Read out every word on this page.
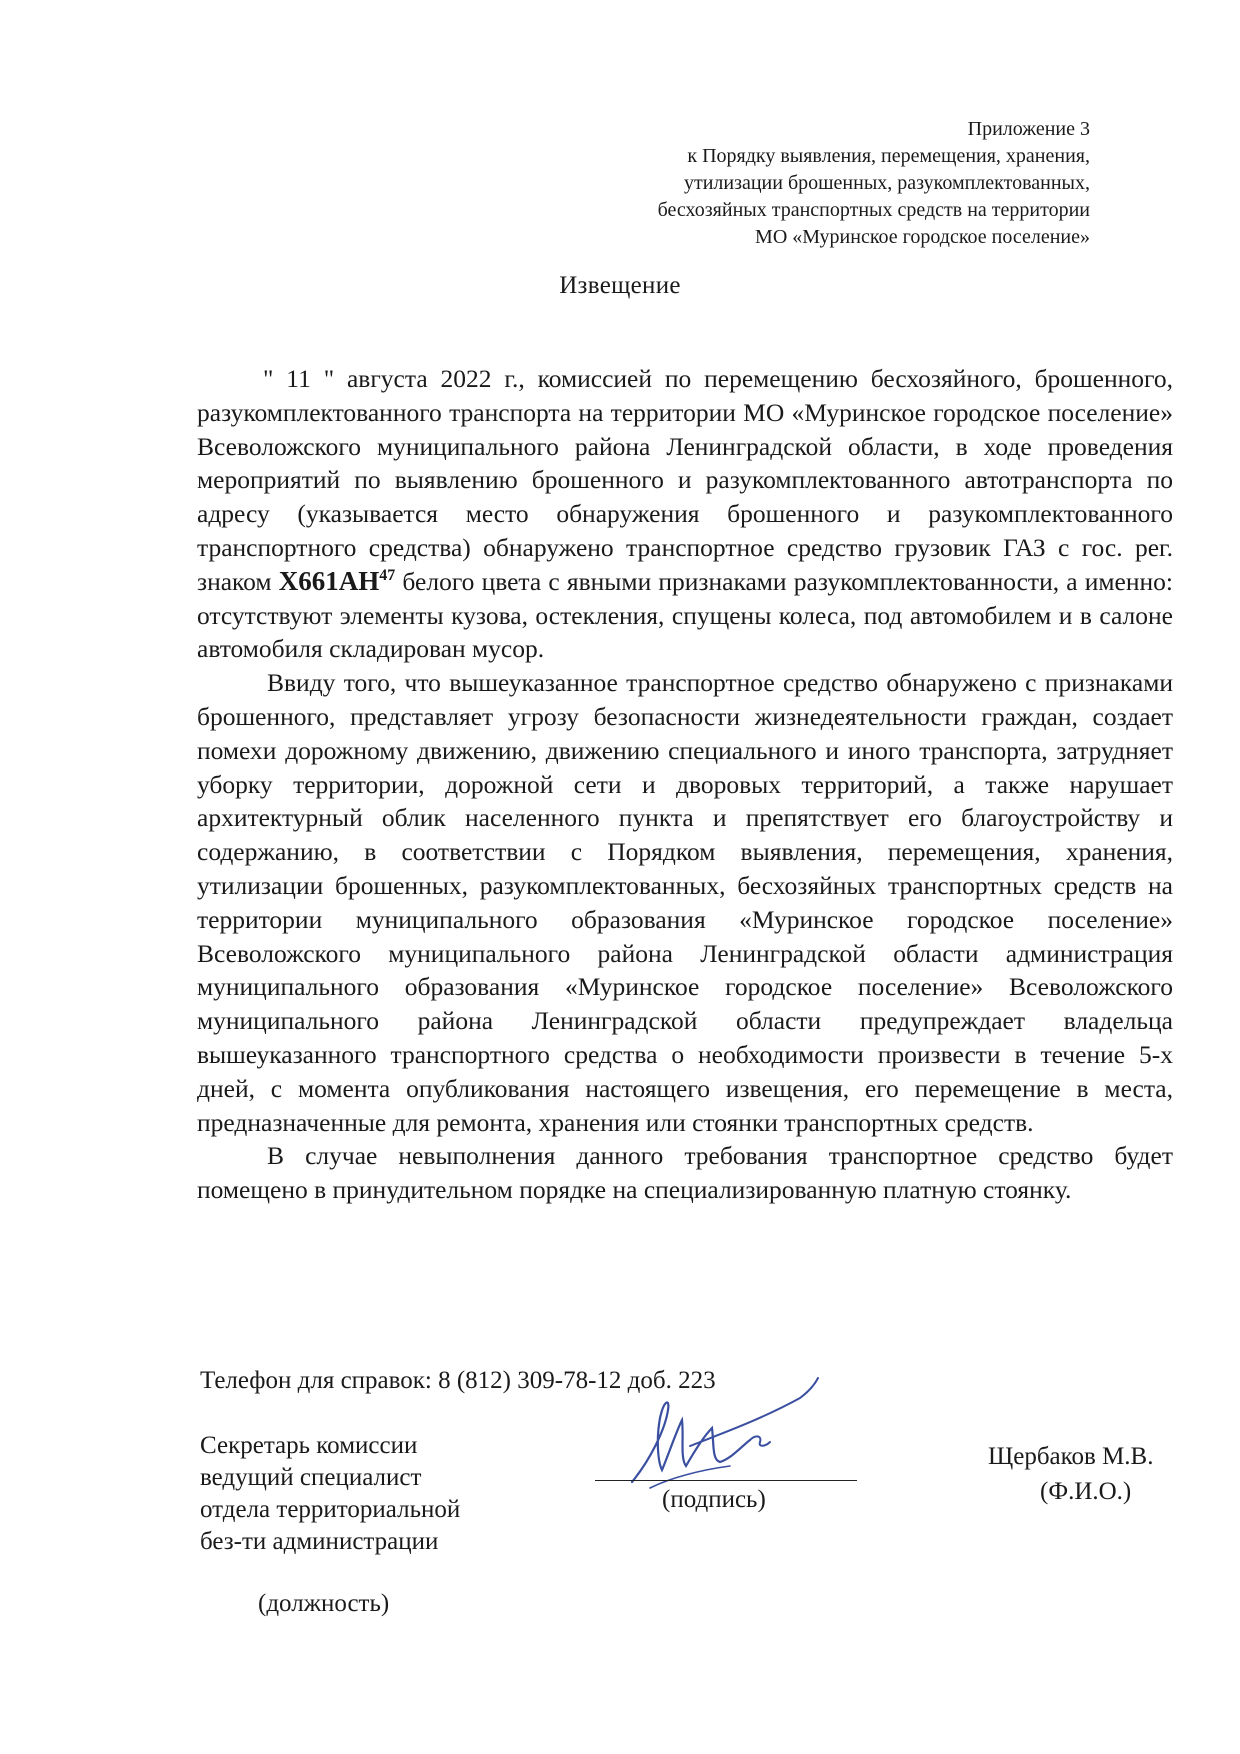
Приложение 3
к Порядку выявления, перемещения, хранения,
утилизации брошенных, разукомплектованных,
бесхозяйных транспортных средств на территории
МО «Муринское городское поселение»
Извещение

" 11 " августа 2022 г., комиссией по перемещению бесхозяйного, брошенного, разукомплектованного транспорта на территории МО «Муринское городское поселение» Всеволожского муниципального района Ленинградской области, в ходе проведения мероприятий по выявлению брошенного и разукомплектованного автотранспорта по адресу (указывается место обнаружения брошенного и разукомплектованного транспортного средства) обнаружено транспортное средство грузовик ГАЗ с гос. рег. знаком Х661АН$^{47}$ белого цвета с явными признаками разукомплектованности, а именно: отсутствуют элементы кузова, остекления, спущены колеса, под автомобилем и в салоне автомобиля складирован мусор.

Ввиду того, что вышеуказанное транспортное средство обнаружено с признаками брошенного, представляет угрозу безопасности жизнедеятельности граждан, создает помехи дорожному движению, движению специального и иного транспорта, затрудняет уборку территории, дорожной сети и дворовых территорий, а также нарушает архитектурный облик населенного пункта и препятствует его благоустройству и содержанию, в соответствии с Порядком выявления, перемещения, хранения, утилизации брошенных, разукомплектованных, бесхозяйных транспортных средств на территории муниципального образования «Муринское городское поселение» Всеволожского муниципального района Ленинградской области администрация муниципального образования «Муринское городское поселение» Всеволожского муниципального района Ленинградской области предупреждает владельца вышеуказанного транспортного средства о необходимости произвести в течение 5-х дней, с момента опубликования настоящего извещения, его перемещение в места, предназначенные для ремонта, хранения или стоянки транспортных средств.

В случае невыполнения данного требования транспортное средство будет помещено в принудительном порядке на специализированную платную стоянку.

Телефон для справок: 8 (812) 309-78-12 доб. 223
Секретарь комиссии
ведущий специалист
отдела территориальной
без-ти администрации
(должность)
(подпись)
Щербаков М.В.
(Ф.И.О.)
